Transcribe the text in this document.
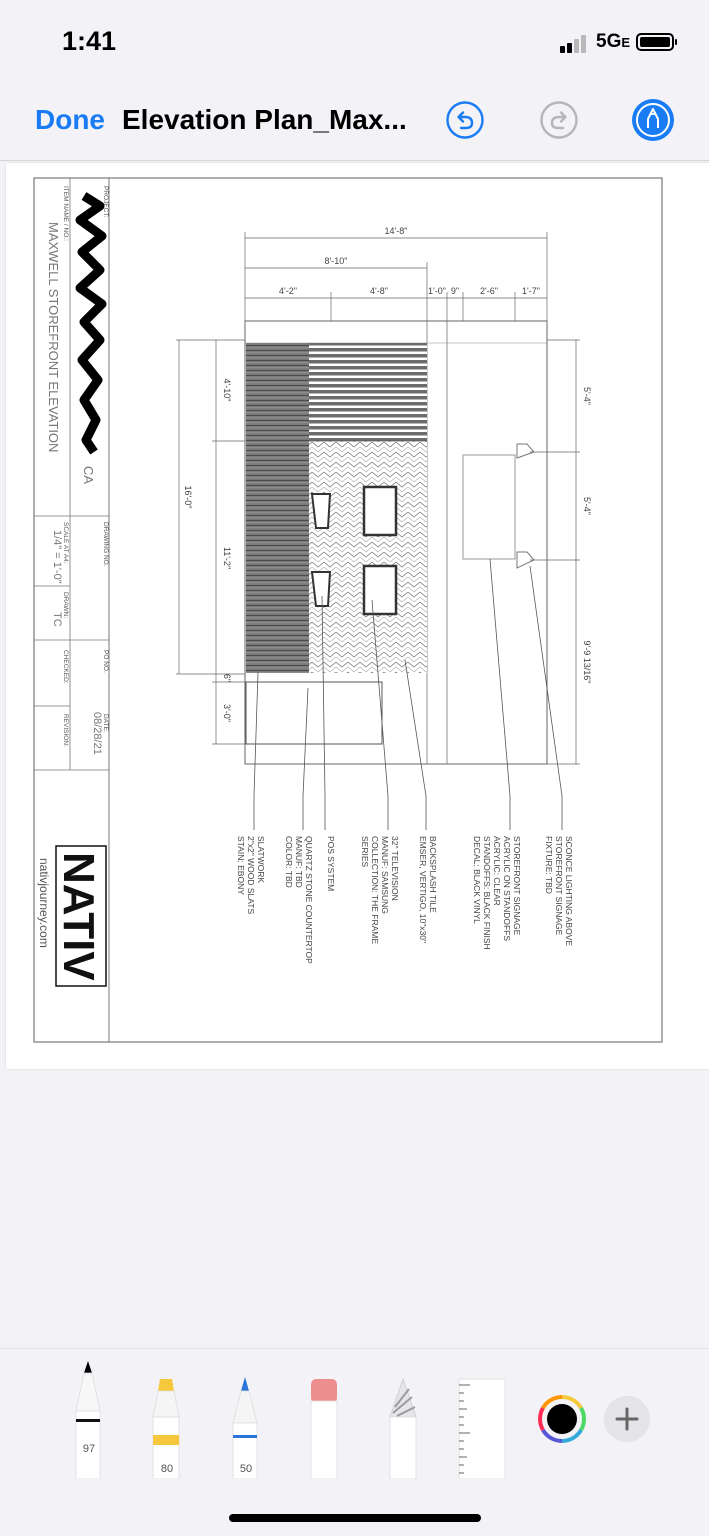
1:41	5GE
Done Elevation Plan_Max...
PROJECT:
ITEM NAME / NO.:
MAXWELL STOREFRONT ELEVATION
CA
DRAWING NO.
SCALE AT A4:
1/4" = 1'-0"
DRAWN:
TC
PO NO.
CHECKED:
DATE:
08/28/21
REVISION:
NATIV
nativjourney.com
14'-8"
8'-10"
4'-2"	4'-8"	1'-0" 9" 2'-6"	1'-7"
16'-0"
4'-10"
11'-2"
6"
3'-0"
5'-4"
5'-4"
9'-9 13/16"
SCONCE LIGHTING ABOVE
STOREFRONT SIGNAGE
FIXTURE: TBD
STOREFRONT SIGNAGE
ACRYLIC ON STANDOFFS
ACRYLIC: CLEAR
STANDOFFS: BLACK FINISH
DECAL: BLACK VINYL
BACKSPLASH TILE
EMSER, VERTIGO, 10"x30"
32" TELEVISION
MANUF: SAMSUNG
COLLECTION: THE FRAME
SERIES
POS SYSTEM
QUARTZ STONE COUNTERTOP
MANUF: TBD
COLOR: TBD
SLATWORK
2"x2" WOOD SLATS
STAIN: EBONY
97
80	50
